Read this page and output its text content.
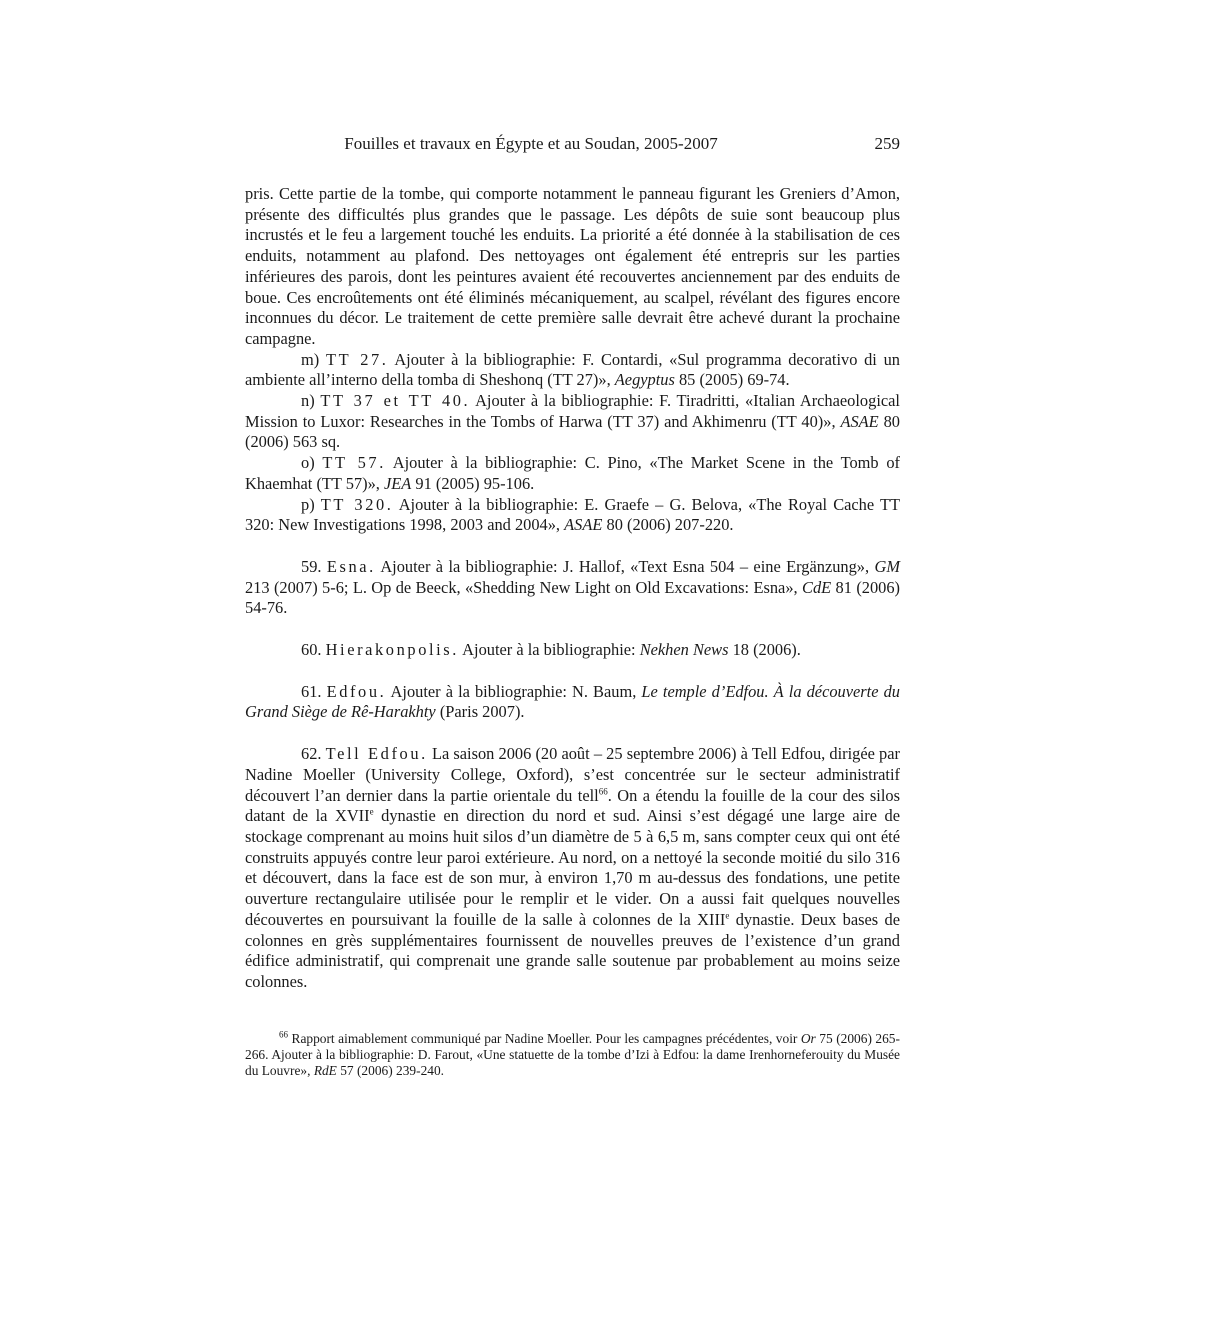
Fouilles et travaux en Égypte et au Soudan, 2005-2007	259

pris. Cette partie de la tombe, qui comporte notamment le panneau figurant les Greniers d’Amon, présente des difficultés plus grandes que le passage. Les dépôts de suie sont beaucoup plus incrustés et le feu a largement touché les enduits. La priorité a été donnée à la stabilisation de ces enduits, notamment au plafond. Des nettoyages ont également été entrepris sur les parties inférieures des parois, dont les peintures avaient été recouvertes anciennement par des enduits de boue. Ces encroûtements ont été éliminés mécaniquement, au scalpel, révélant des figures encore inconnues du décor. Le traitement de cette première salle devrait être achevé durant la prochaine campagne.

m) TT 27. Ajouter à la bibliographie: F. Contardi, «Sul programma decorativo di un ambiente all’interno della tomba di Sheshonq (TT 27)», Aegyptus 85 (2005) 69-74.

n) TT 37 et TT 40. Ajouter à la bibliographie: F. Tiradritti, «Italian Archaeological Mission to Luxor: Researches in the Tombs of Harwa (TT 37) and Akhimenru (TT 40)», ASAE 80 (2006) 563 sq.

o) TT 57. Ajouter à la bibliographie: C. Pino, «The Market Scene in the Tomb of Khaemhat (TT 57)», JEA 91 (2005) 95-106.

p) TT 320. Ajouter à la bibliographie: E. Graefe – G. Belova, «The Royal Cache TT 320: New Investigations 1998, 2003 and 2004», ASAE 80 (2006) 207-220.

59. Esna. Ajouter à la bibliographie: J. Hallof, «Text Esna 504 – eine Ergänzung», GM 213 (2007) 5-6; L. Op de Beeck, «Shedding New Light on Old Excavations: Esna», CdE 81 (2006) 54-76.

60. Hierakonpolis. Ajouter à la bibliographie: Nekhen News 18 (2006).

61. Edfou. Ajouter à la bibliographie: N. Baum, Le temple d’Edfou. À la découverte du Grand Siège de Rê-Harakhty (Paris 2007).

62. Tell Edfou. La saison 2006 (20 août – 25 septembre 2006) à Tell Edfou, dirigée par Nadine Moeller (University College, Oxford), s’est concentrée sur le secteur administratif découvert l’an dernier dans la partie orientale du tell$^{66}$. On a étendu la fouille de la cour des silos datant de la XVIIe dynastie en direction du nord et sud. Ainsi s’est dégagé une large aire de stockage comprenant au moins huit silos d’un diamètre de 5 à 6,5 m, sans compter ceux qui ont été construits appuyés contre leur paroi extérieure. Au nord, on a nettoyé la seconde moitié du silo 316 et découvert, dans la face est de son mur, à environ 1,70 m au-dessus des fondations, une petite ouverture rectangulaire utilisée pour le remplir et le vider. On a aussi fait quelques nouvelles découvertes en poursuivant la fouille de la salle à colonnes de la XIIIe dynastie. Deux bases de colonnes en grès supplémentaires fournissent de nouvelles preuves de l’existence d’un grand édifice administratif, qui comprenait une grande salle soutenue par probablement au moins seize colonnes.

$^{66}$ Rapport aimablement communiqué par Nadine Moeller. Pour les campagnes précédentes, voir Or 75 (2006) 265-266. Ajouter à la bibliographie: D. Farout, «Une statuette de la tombe d’Izi à Edfou: la dame Irenhorneferouity du Musée du Louvre», RdE 57 (2006) 239-240.
